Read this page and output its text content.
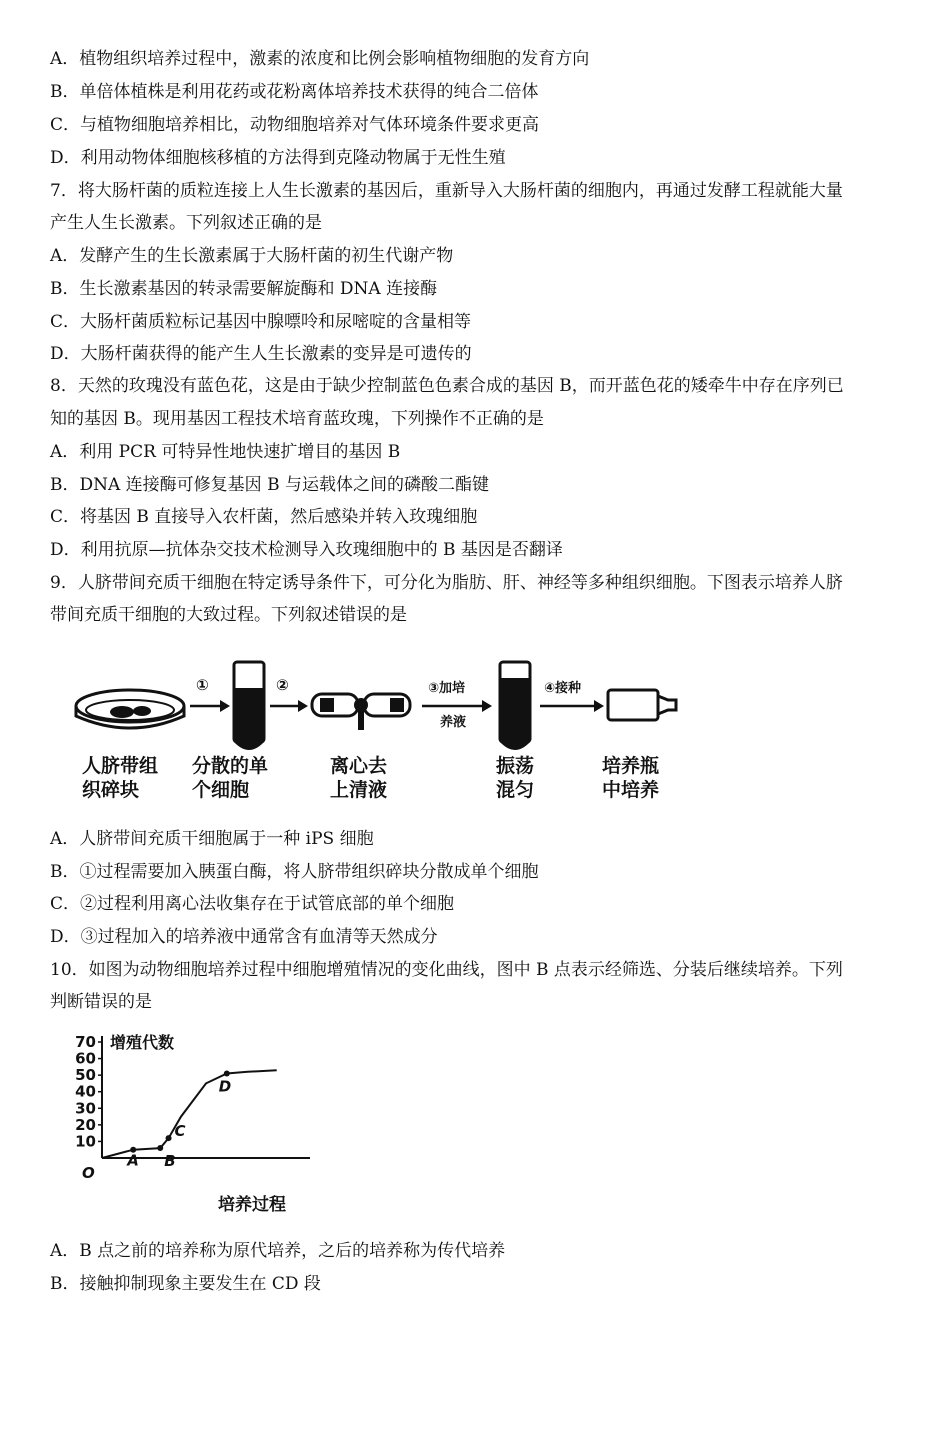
A．植物组织培养过程中，激素的浓度和比例会影响植物细胞的发育方向
B．单倍体植株是利用花药或花粉离体培养技术获得的纯合二倍体
C．与植物细胞培养相比，动物细胞培养对气体环境条件要求更高
D．利用动物体细胞核移植的方法得到克隆动物属于无性生殖
7．将大肠杆菌的质粒连接上人生长激素的基因后，重新导入大肠杆菌的细胞内，再通过发酵工程就能大量
产生人生长激素。下列叙述正确的是
A．发酵产生的生长激素属于大肠杆菌的初生代谢产物
B．生长激素基因的转录需要解旋酶和 DNA 连接酶
C．大肠杆菌质粒标记基因中腺嘌呤和尿嘧啶的含量相等
D．大肠杆菌获得的能产生人生长激素的变异是可遗传的
8．天然的玫瑰没有蓝色花，这是由于缺少控制蓝色色素合成的基因 B，而开蓝色花的矮牵牛中存在序列已
知的基因 B。现用基因工程技术培育蓝玫瑰，下列操作不正确的是
A．利用 PCR 可特异性地快速扩增目的基因 B
B．DNA 连接酶可修复基因 B 与运载体之间的磷酸二酯键
C．将基因 B 直接导入农杆菌，然后感染并转入玫瑰细胞
D．利用抗原—抗体杂交技术检测导入玫瑰细胞中的 B 基因是否翻译
9．人脐带间充质干细胞在特定诱导条件下，可分化为脂肪、肝、神经等多种组织细胞。下图表示培养人脐
带间充质干细胞的大致过程。下列叙述错误的是
①	②	③加培
养液
④接种
人脐带组
织碎块
分散的单
个细胞
离心去
上清液
振荡
混匀
培养瓶
中培养
A．人脐带间充质干细胞属于一种 iPS 细胞
B．①过程需要加入胰蛋白酶，将人脐带组织碎块分散成单个细胞
C．②过程利用离心法收集存在于试管底部的单个细胞
D．③过程加入的培养液中通常含有血清等天然成分
10．如图为动物细胞培养过程中细胞增殖情况的变化曲线，图中 B 点表示经筛选、分装后继续培养。下列
判断错误的是
10
20
30
40
50
60
70
A B
C
D
增殖代数
培养过程
O
A．B 点之前的培养称为原代培养，之后的培养称为传代培养
B．接触抑制现象主要发生在 CD 段
